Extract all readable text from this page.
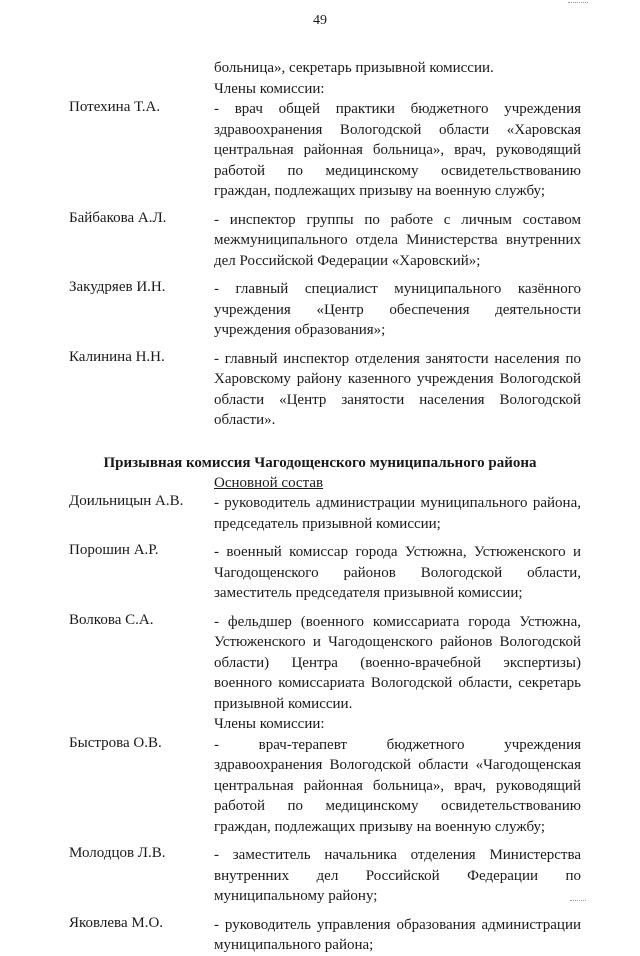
49
больница», секретарь призывной комиссии.
Члены комиссии:
Потехина Т.А.	- врач общей практики бюджетного учреждения здравоохранения Вологодской области «Харовская центральная районная больница», врач, руководящий работой по медицинскому освидетельствованию граждан, подлежащих призыву на военную службу;
Байбакова А.Л.	- инспектор группы по работе с личным составом межмуниципального отдела Министерства внутренних дел Российской Федерации «Харовский»;
Закудряев И.Н.	- главный специалист муниципального казённого учреждения «Центр обеспечения деятельности учреждения образования»;
Калинина Н.Н.	- главный инспектор отделения занятости населения по Харовскому району казенного учреждения Вологодской области «Центр занятости населения Вологодской области».
Призывная комиссия Чагодощенского муниципального района
Основной состав
Доильницын А.В. - руководитель администрации муниципального района, председатель призывной комиссии;
Порошин А.Р.	- военный комиссар города Устюжна, Устюженского и Чагодощенского районов Вологодской области, заместитель председателя призывной комиссии;
Волкова С.А.	- фельдшер (военного комиссариата города Устюжна, Устюженского и Чагодощенского районов Вологодской области) Центра (военно-врачебной экспертизы) военного комиссариата Вологодской области, секретарь призывной комиссии.
Члены комиссии:
Быстрова О.В.	- врач-терапевт бюджетного учреждения здравоохранения Вологодской области «Чагодощенская центральная районная больница», врач, руководящий работой по медицинскому освидетельствованию граждан, подлежащих призыву на военную службу;
Молодцов Л.В.	- заместитель начальника отделения Министерства внутренних дел Российской Федерации по муниципальному району;
Яковлева М.О.	- руководитель управления образования администрации муниципального района;
